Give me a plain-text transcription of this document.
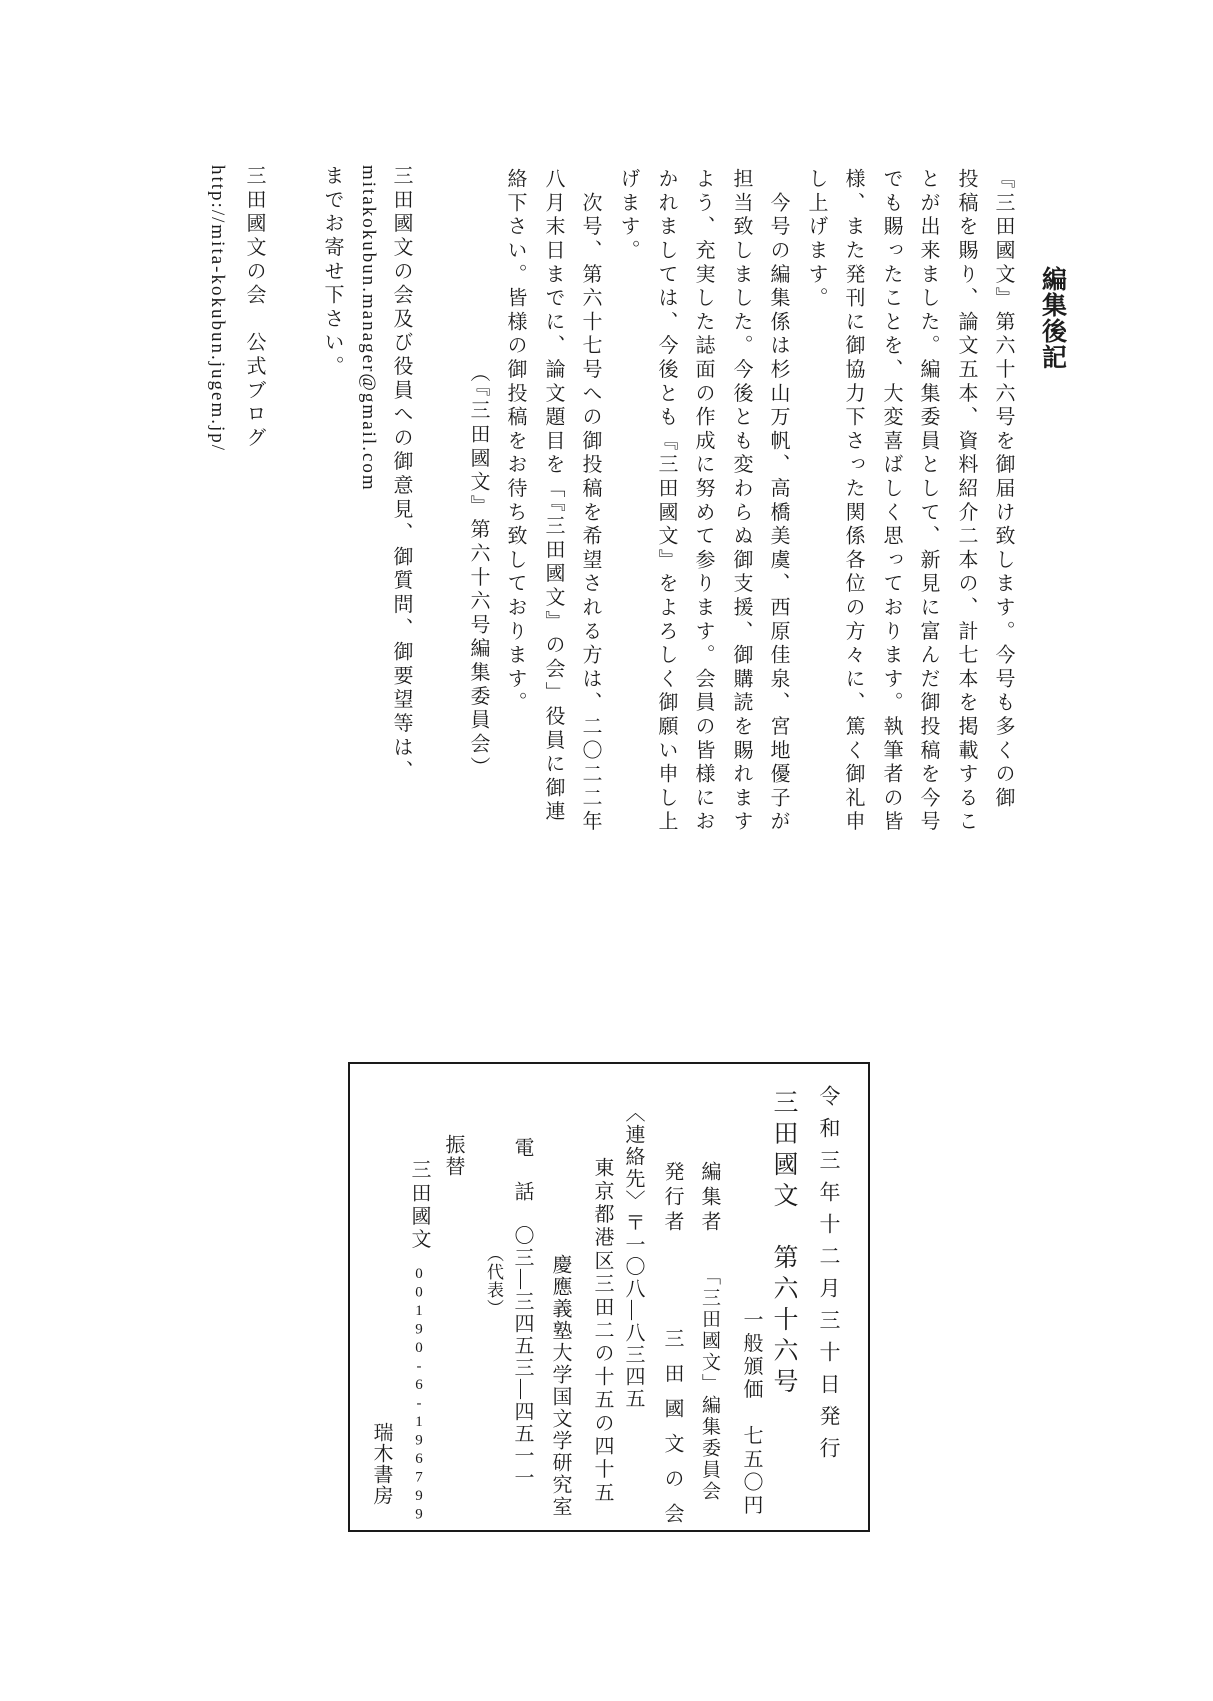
編集後記
『三田國文』第六十六号を御届け致します。今号も多くの御
投稿を賜り、論文五本、資料紹介二本の、計七本を掲載するこ
とが出来ました。編集委員として、新見に富んだ御投稿を今号
でも賜ったことを、大変喜ばしく思っております。執筆者の皆
様、また発刊に御協力下さった関係各位の方々に、篤く御礼申
し上げます。
　今号の編集係は杉山万帆、高橋美虞、西原佳泉、宮地優子が
担当致しました。今後とも変わらぬ御支援、御購読を賜れます
よう、充実した誌面の作成に努めて参ります。会員の皆様にお
かれましては、今後とも『三田國文』をよろしく御願い申し上
げます。
　次号、第六十七号への御投稿を希望される方は、二〇二二年
八月末日までに、論文題目を「『三田國文』の会」役員に御連
絡下さい。皆様の御投稿をお待ち致しております。
（『三田國文』第六十六号編集委員会）
三田國文の会及び役員への御意見、御質問、御要望等は、
mitakokubun.manager@gmail.com
までお寄せ下さい。
三田國文の会　公式ブログ
http://mita-kokubun.jugem.jp/
令和三年十二月三十日発行
三田國文　第六十六号
一般頒価　七五〇円
編集者「三田國文」編集委員会
発行者三田國文の会
〈連絡先〉〒一〇八―八三四五
東京都港区三田二の十五の四十五
慶應義塾大学国文学研究室
電　話　〇三―三四五三―四五一一
（代表）
振替
三田國文00190-6-196799
瑞木書房
